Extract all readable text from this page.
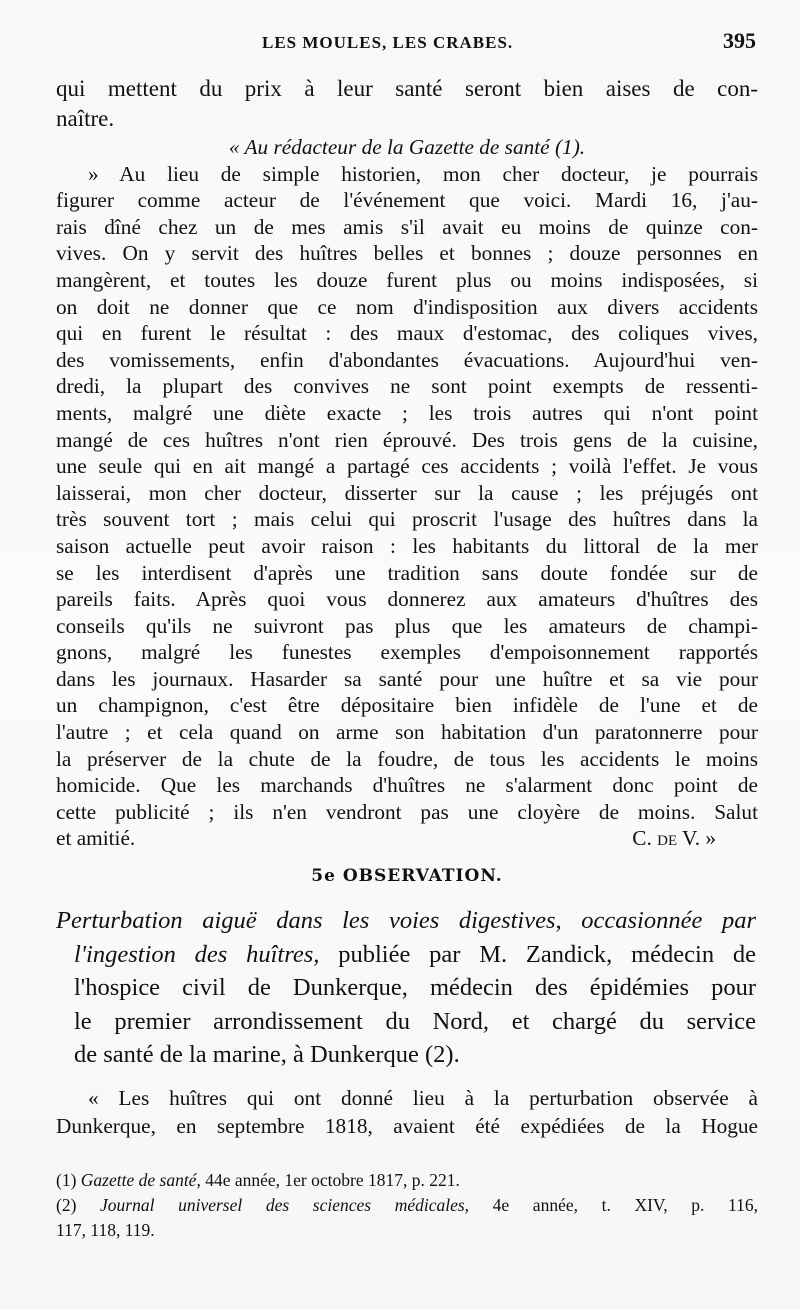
LES MOULES, LES CRABES.	395

qui mettent du prix à leur santé seront bien aises de con-

naître.

« Au rédacteur de la Gazette de santé (1).

» Au lieu de simple historien, mon cher docteur, je pourrais

figurer comme acteur de l'événement que voici. Mardi 16, j'au-

rais dîné chez un de mes amis s'il avait eu moins de quinze con-

vives. On y servit des huîtres belles et bonnes ; douze personnes en

mangèrent, et toutes les douze furent plus ou moins indisposées, si

on doit ne donner que ce nom d'indisposition aux divers accidents

qui en furent le résultat : des maux d'estomac, des coliques vives,

des vomissements, enfin d'abondantes évacuations. Aujourd'hui ven-

dredi, la plupart des convives ne sont point exempts de ressenti-

ments, malgré une diète exacte ; les trois autres qui n'ont point

mangé de ces huîtres n'ont rien éprouvé. Des trois gens de la cuisine,

une seule qui en ait mangé a partagé ces accidents ; voilà l'effet. Je vous

laisserai, mon cher docteur, disserter sur la cause ; les préjugés ont

très souvent tort ; mais celui qui proscrit l'usage des huîtres dans la

saison actuelle peut avoir raison : les habitants du littoral de la mer

se les interdisent d'après une tradition sans doute fondée sur de

pareils faits. Après quoi vous donnerez aux amateurs d'huîtres des

conseils qu'ils ne suivront pas plus que les amateurs de champi-

gnons, malgré les funestes exemples d'empoisonnement rapportés

dans les journaux. Hasarder sa santé pour une huître et sa vie pour

un champignon, c'est être dépositaire bien infidèle de l'une et de

l'autre ; et cela quand on arme son habitation d'un paratonnerre pour

la préserver de la chute de la foudre, de tous les accidents le moins

homicide. Que les marchands d'huîtres ne s'alarment donc point de

cette publicité ; ils n'en vendront pas une cloyère de moins. Salut

et amitié.	C. de V. »

5e OBSERVATION.

Perturbation aiguë dans les voies digestives, occasionnée par

l'ingestion des huîtres, publiée par M. Zandick, médecin de

l'hospice civil de Dunkerque, médecin des épidémies pour

le premier arrondissement du Nord, et chargé du service

de santé de la marine, à Dunkerque (2).

« Les huîtres qui ont donné lieu à la perturbation observée à

Dunkerque, en septembre 1818, avaient été expédiées de la Hogue

(1) Gazette de santé, 44e année, 1er octobre 1817, p. 221.

(2) Journal universel des sciences médicales, 4e année, t. XIV, p. 116,

117, 118, 119.
